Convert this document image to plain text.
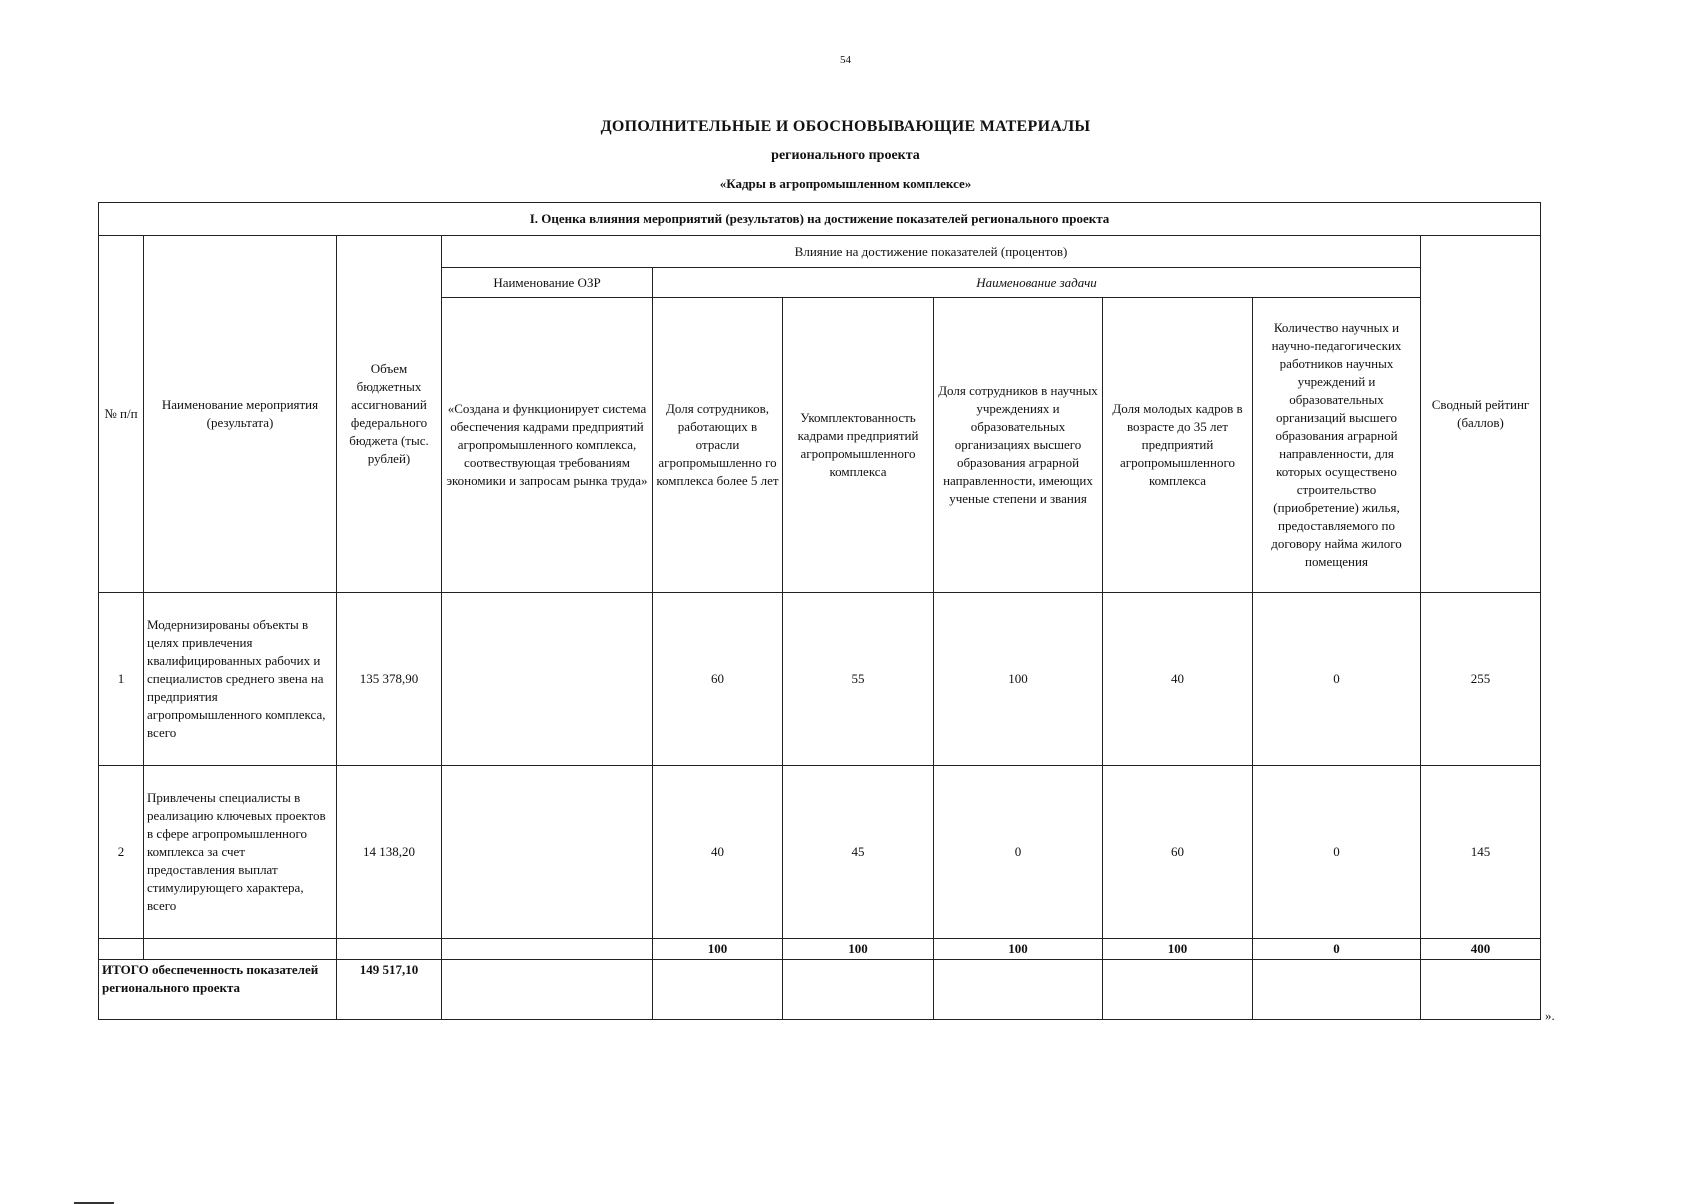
54
ДОПОЛНИТЕЛЬНЫЕ И ОБОСНОВЫВАЮЩИЕ МАТЕРИАЛЫ
регионального проекта
«Кадры в агропромышленном комплексе»
I. Оценка влияния мероприятий (результатов) на достижение показателей регионального проекта									
№ п/п	Наименование мероприятия (результата)	Объем бюджетных ассигнований федерального бюджета (тыс. рублей)	Влияние на достижение показателей (процентов)						Сводный рейтинг (баллов)
			Наименование ОЗР	Наименование задачи					
			«Создана и функционирует система обеспечения кадрами предприятий агропромышленного комплекса, соотвествующая требованиям экономики и запросам рынка труда»	Доля сотрудников, работающих в отрасли агропромышленно го комплекса более 5 лет	Укомплектованность кадрами предприятий агропромышленного комплекса	Доля сотрудников в научных учреждениях и образовательных организациях высшего образования аграрной направленности, имеющих ученые степени и звания	Доля молодых кадров в возрасте до 35 лет предприятий агропромышленного комплекса	Количество научных и научно-педагогических работников научных учреждений и образовательных организаций высшего образования аграрной направленности, для которых осуществено строительство (приобретение) жилья, предоставляемого по договору найма жилого помещения	
1	Модернизированы объекты в целях привлечения квалифицированных рабочих и специалистов среднего звена на предприятия агропромышленного комплекса, всего	135 378,90		60	55	100	40	0	255
2	Привлечены специалисты в реализацию ключевых проектов в сфере агропромышленного комплекса за счет предоставления выплат стимулирующего характера, всего	14 138,20		40	45	0	60	0	145
				100	100	100	100	0	400
ИТОГО обеспеченность показателей регионального проекта		149 517,10							
».
